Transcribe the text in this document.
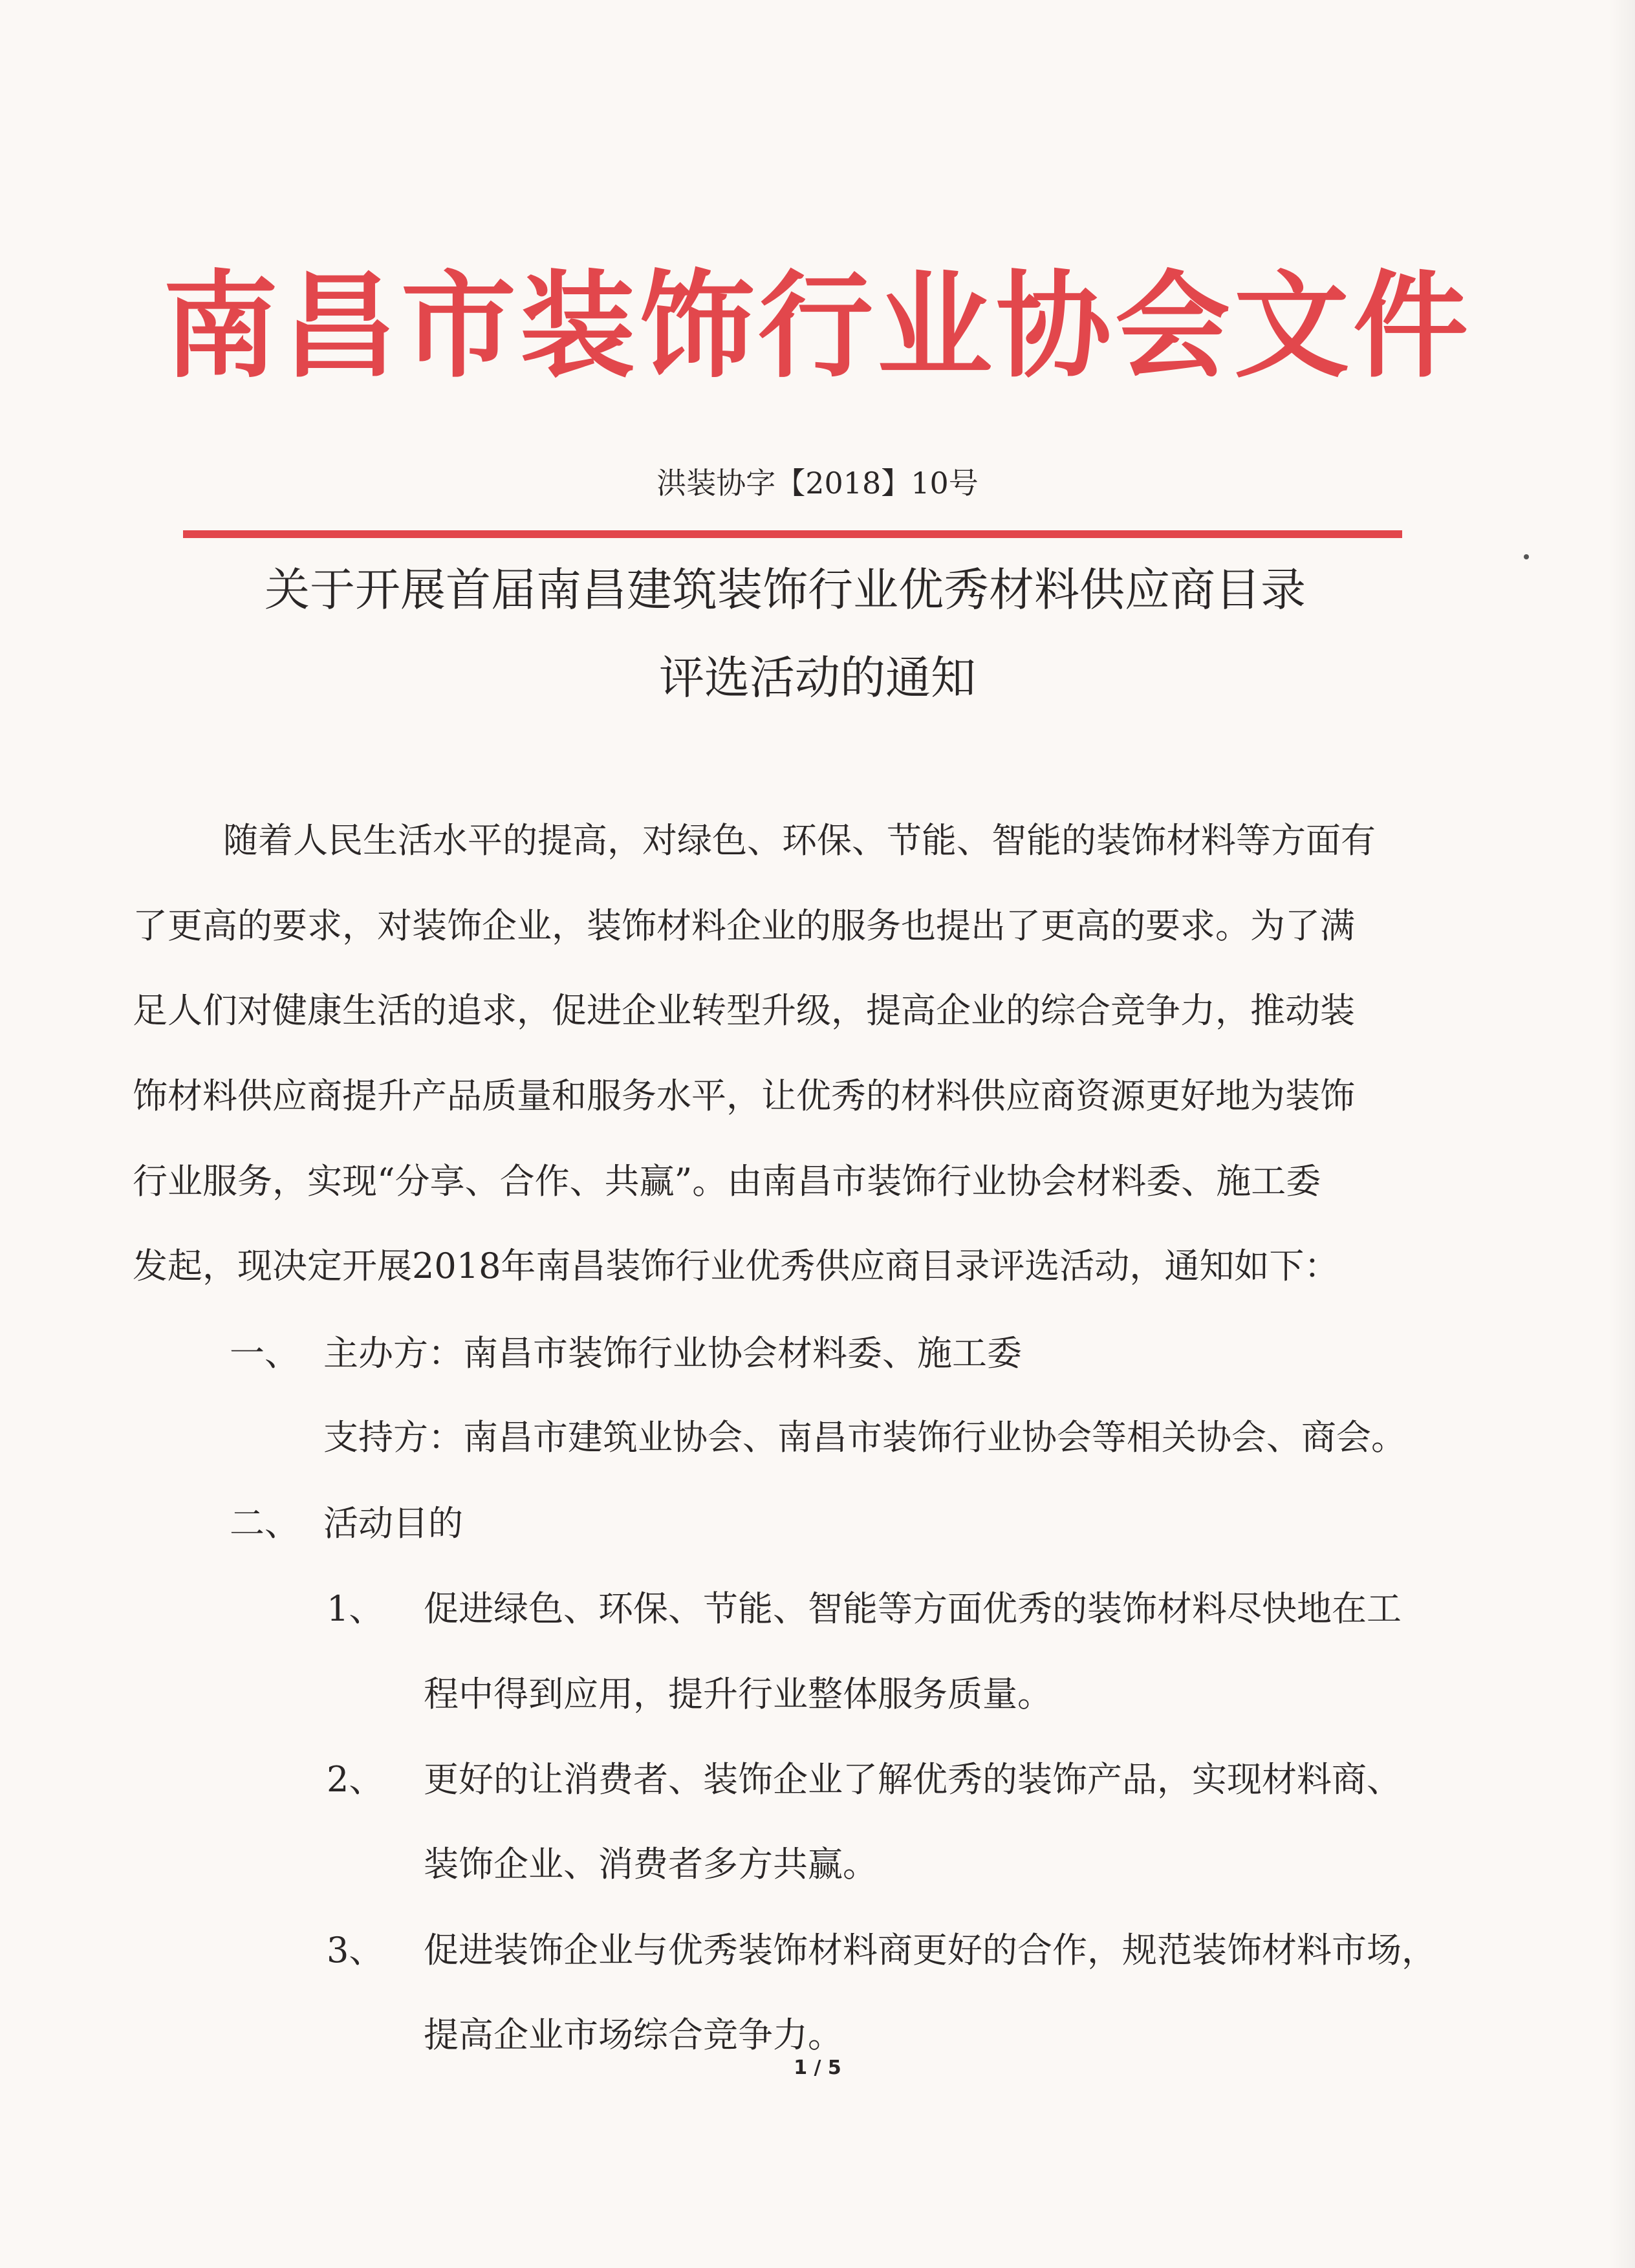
南昌市装饰行业协会文件
洪装协字【2018】10号
关于开展首届南昌建筑装饰行业优秀材料供应商目录
评选活动的通知
随着人民生活水平的提高，对绿色、环保、节能、智能的装饰材料等方面有
了更高的要求，对装饰企业，装饰材料企业的服务也提出了更高的要求。为了满
足人们对健康生活的追求，促进企业转型升级，提高企业的综合竞争力，推动装
饰材料供应商提升产品质量和服务水平，让优秀的材料供应商资源更好地为装饰
行业服务，实现“分享、合作、共赢”。由南昌市装饰行业协会材料委、施工委
发起，现决定开展2018年南昌装饰行业优秀供应商目录评选活动，通知如下：
一、 主办方：南昌市装饰行业协会材料委、施工委
支持方：南昌市建筑业协会、南昌市装饰行业协会等相关协会、商会。
二、 活动目的
1、 促进绿色、环保、节能、智能等方面优秀的装饰材料尽快地在工
程中得到应用，提升行业整体服务质量。
2、 更好的让消费者、装饰企业了解优秀的装饰产品，实现材料商、
装饰企业、消费者多方共赢。
3、 促进装饰企业与优秀装饰材料商更好的合作，规范装饰材料市场，
提高企业市场综合竞争力。
1 / 5
